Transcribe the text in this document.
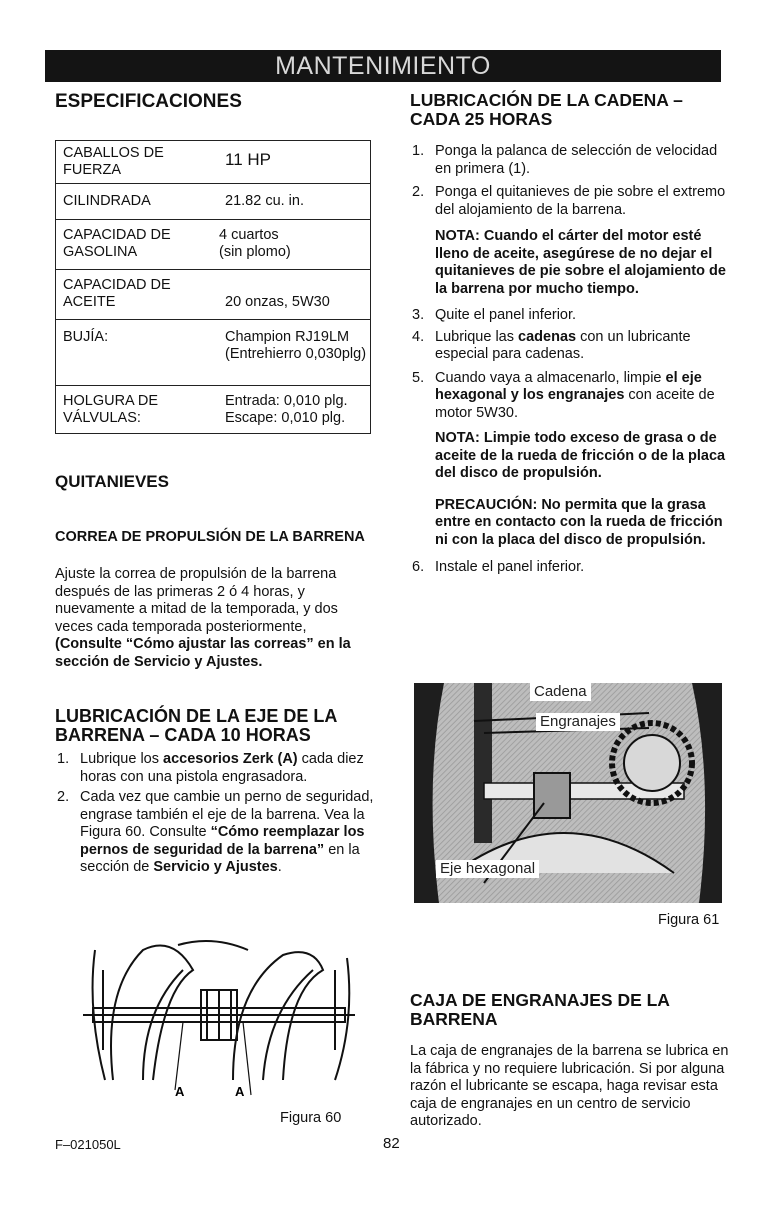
MANTENIMIENTO
ESPECIFICACIONES
CABALLOS DE
FUERZA	11 HP
CILINDRADA	21.82 cu. in.
CAPACIDAD DE
GASOLINA	4 cuartos
(sin plomo)
CAPACIDAD DE
ACEITE	20 onzas, 5W30
BUJÍA:	Champion RJ19LM
(Entrehierro 0,030plg)
HOLGURA DE
VÁLVULAS:	Entrada: 0,010 plg.
Escape: 0,010 plg.
QUITANIEVES
CORREA DE PROPULSIÓN DE LA BARRENA

Ajuste la correa de propulsión de la barrena después de las primeras 2 ó 4 horas, y nuevamente a mitad de la temporada, y dos veces cada temporada posteriormente,
(Consulte “Cómo ajustar las correas” en la sección de Servicio y Ajustes.

LUBRICACIÓN DE LA EJE DE LA BARRENA – CADA 10 HORAS
1. Lubrique los accesorios Zerk (A) cada diez horas con una pistola engrasadora.
2. Cada vez que cambie un perno de seguridad, engrase también el eje de la barrena. Vea la Figura 60. Consulte “Cómo reemplazar los pernos de seguridad de la barrena” en la sección de Servicio y Ajustes.
A	A
Figura 60
F–021050L	82
LUBRICACIÓN DE LA CADENA – CADA 25 HORAS
1. Ponga la palanca de selección de velocidad en primera (1).
2. Ponga el quitanieves de pie sobre el extremo del alojamiento de la barrena.
NOTA: Cuando el cárter del motor esté lleno de aceite, asegúrese de no dejar el quitanieves de pie sobre el alojamiento de la barrena por mucho tiempo.
3. Quite el panel inferior.
4. Lubrique las cadenas con un lubricante especial para cadenas.
5. Cuando vaya a almacenarlo, limpie el eje hexagonal y los engranajes con aceite de motor 5W30.
NOTA: Limpie todo exceso de grasa o de aceite de la rueda de fricción o de la placa del disco de propulsión.
PRECAUCIÓN: No permita que la grasa entre en contacto con la rueda de fricción ni con la placa del disco de propulsión.
6. Instale el panel inferior.
Cadena
Engranajes
Eje hexagonal
Figura 61
CAJA DE ENGRANAJES DE LA BARRENA

La caja de engranajes de la barrena se lubrica en la fábrica y no requiere lubricación. Si por alguna razón el lubricante se escapa, haga revisar esta caja de engranajes en un centro de servicio autorizado.
